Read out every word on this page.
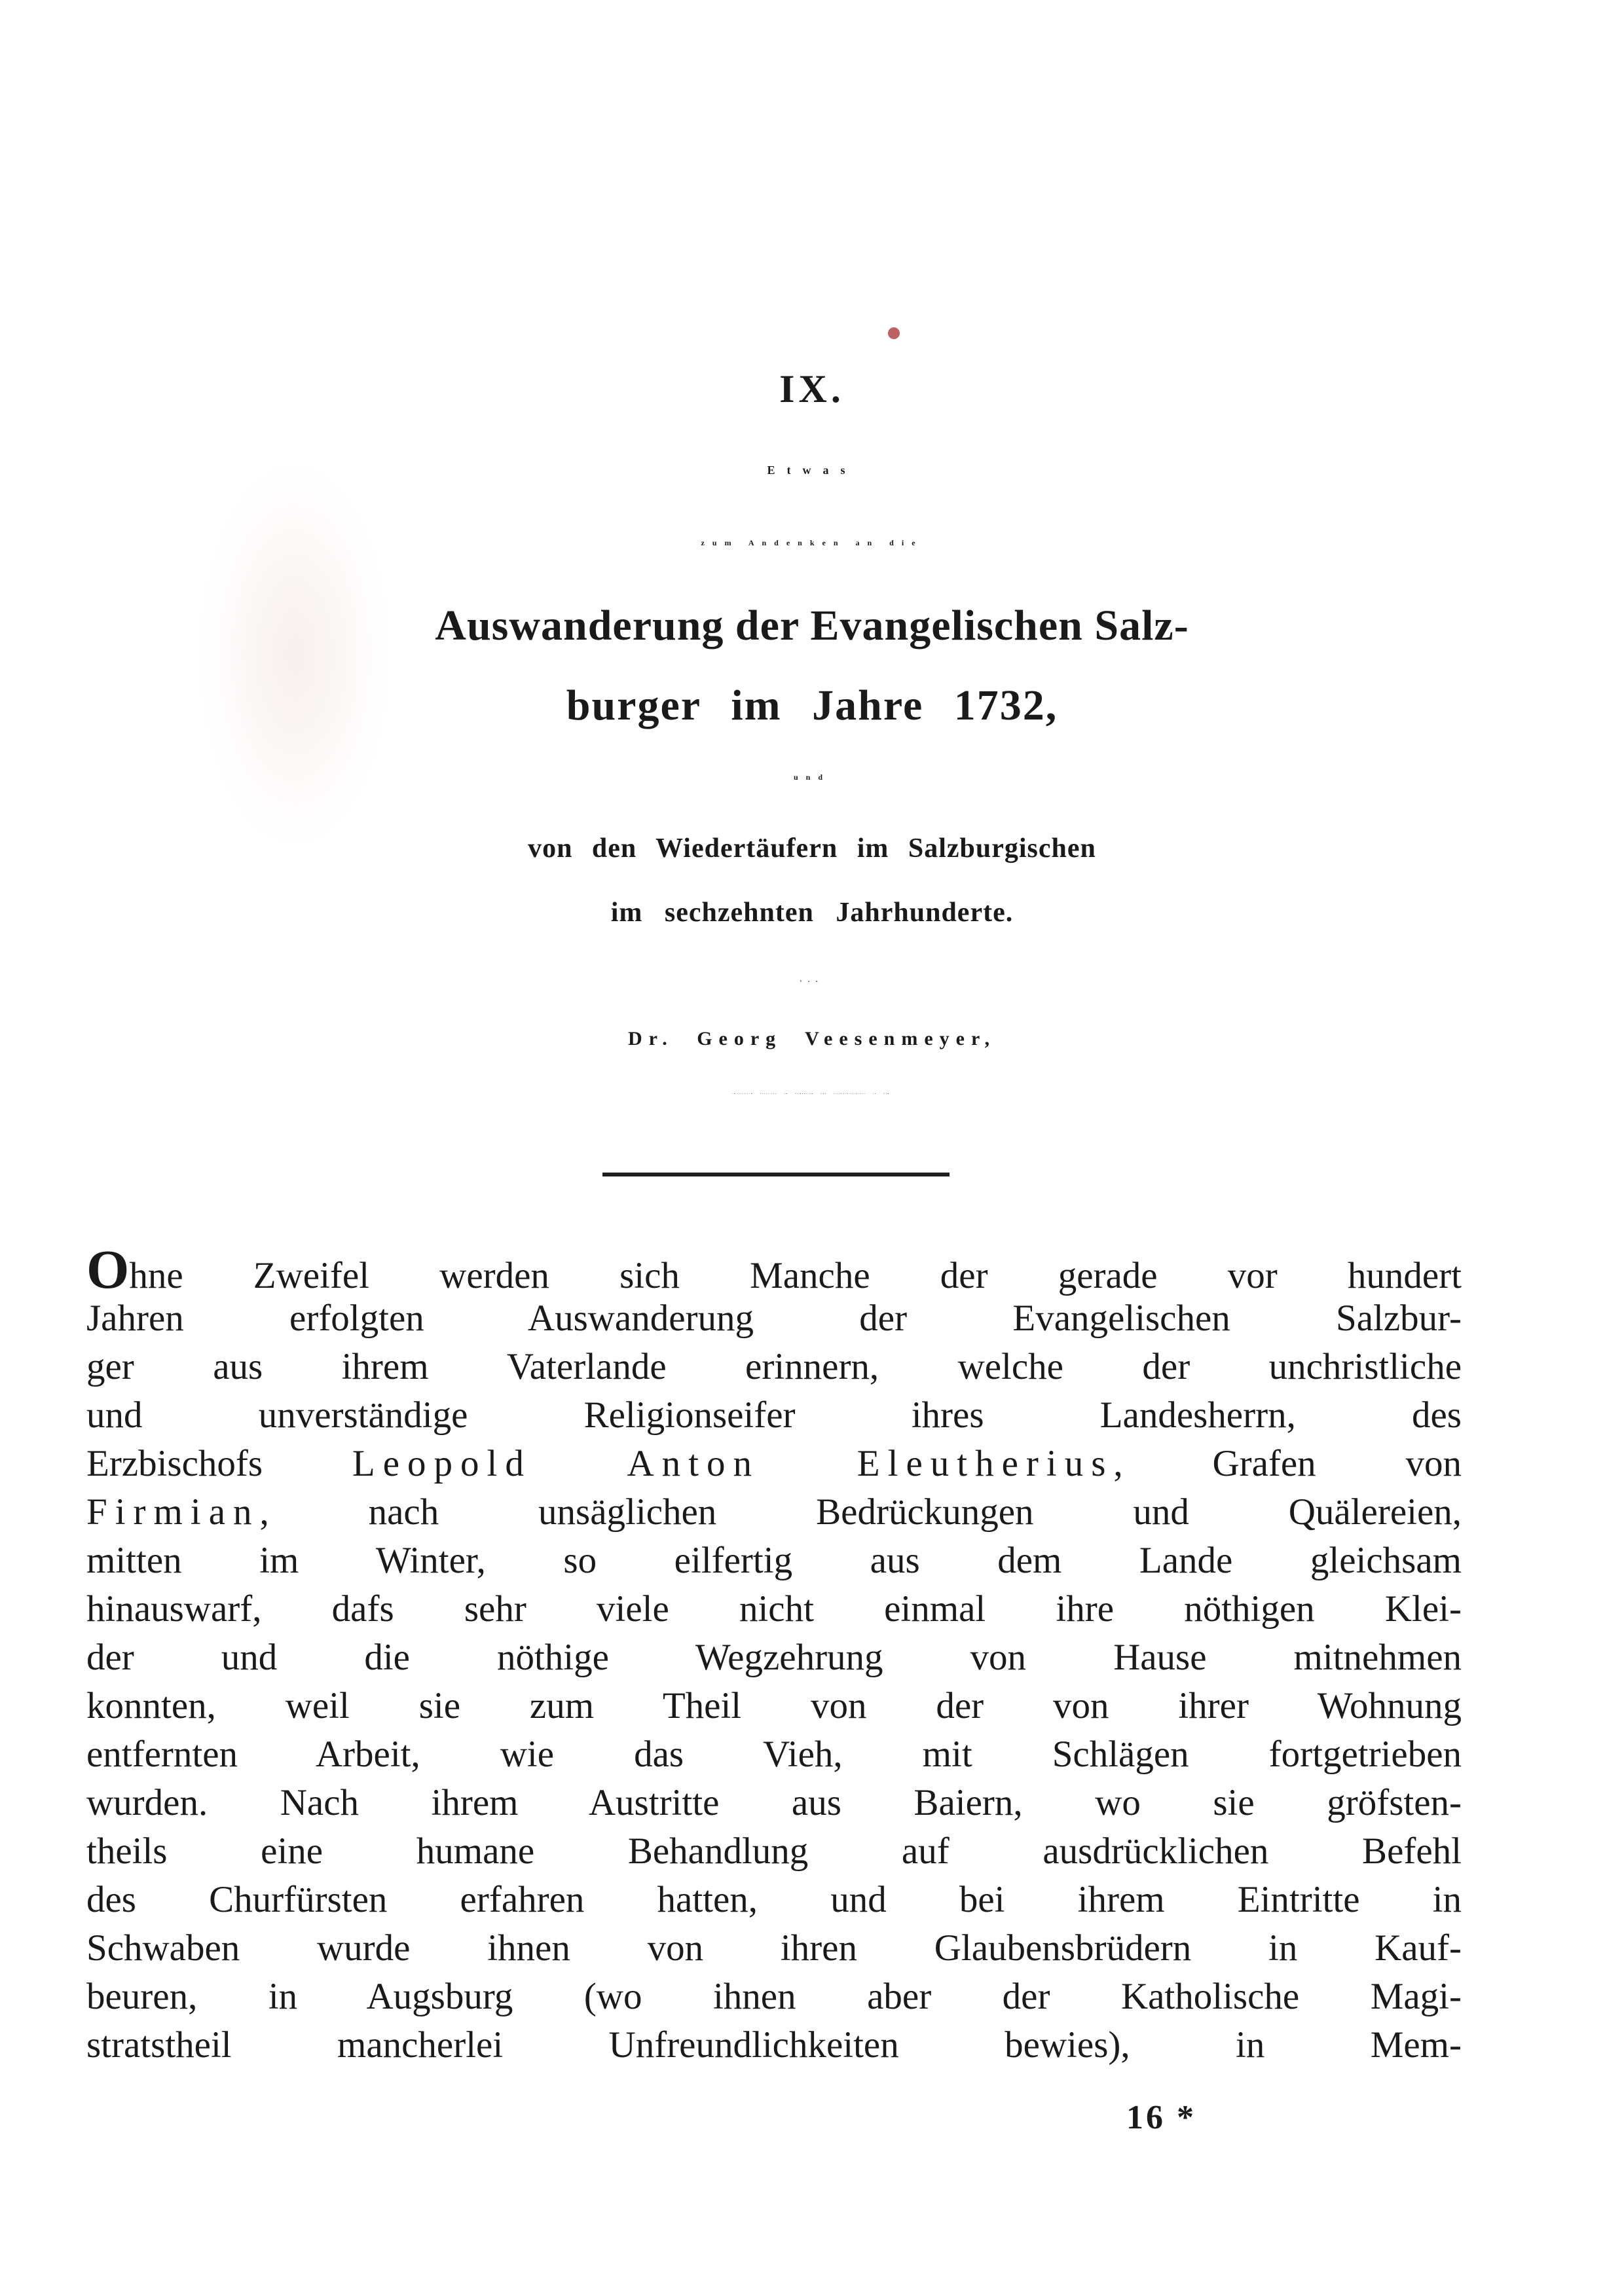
IX.
Etwas
zum Andenken an die
Auswanderung der Evangelischen Salz-
burger im Jahre 1732,
und
von den Wiedertäufern im Salzburgischen
im sechzehnten Jahrhunderte.
Von
Dr. Georg Veesenmeyer,
emeritirtem Professor am Gymnasium und Stadtbibliothekar zu Ulm.
Ohne Zweifel werden sich Manche der gerade vor hundert
Jahren erfolgten Auswanderung der Evangelischen Salzbur-
ger aus ihrem Vaterlande erinnern, welche der unchristliche
und unverständige Religionseifer ihres Landesherrn, des
Erzbischofs Leopold Anton Eleutherius, Grafen von
Firmian, nach unsäglichen Bedrückungen und Quälereien,
mitten im Winter, so eilfertig aus dem Lande gleichsam
hinauswarf, dafs sehr viele nicht einmal ihre nöthigen Klei-
der und die nöthige Wegzehrung von Hause mitnehmen
konnten, weil sie zum Theil von der von ihrer Wohnung
entfernten Arbeit, wie das Vieh, mit Schlägen fortgetrieben
wurden. Nach ihrem Austritte aus Baiern, wo sie gröfsten-
theils eine humane Behandlung auf ausdrücklichen Befehl
des Churfürsten erfahren hatten, und bei ihrem Eintritte in
Schwaben wurde ihnen von ihren Glaubensbrüdern in Kauf-
beuren, in Augsburg (wo ihnen aber der Katholische Magi-
stratstheil mancherlei Unfreundlichkeiten bewies), in Mem-
16 *
